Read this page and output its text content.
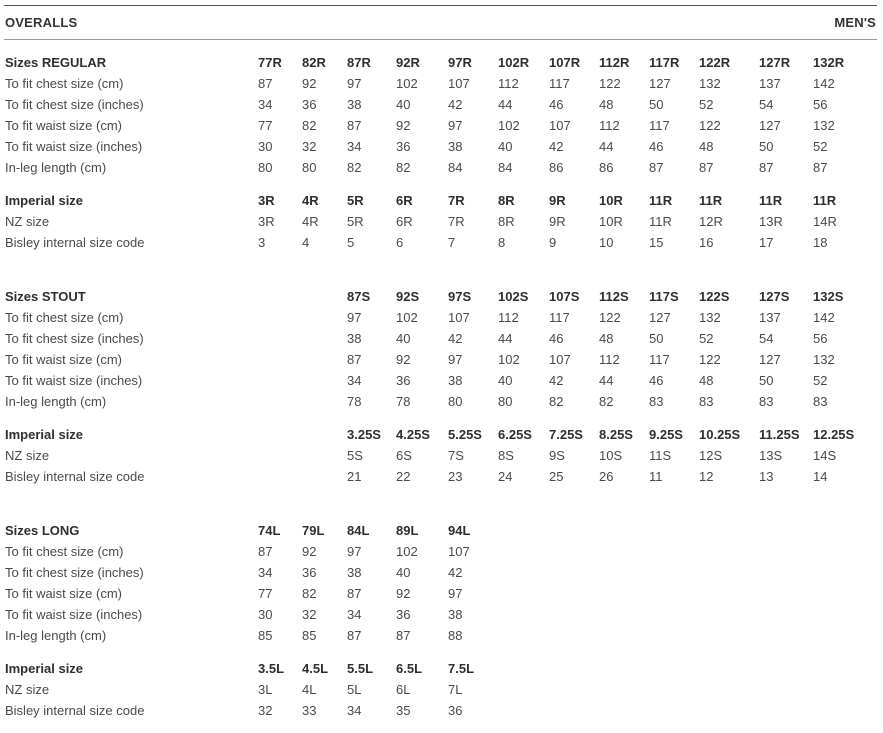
OVERALLS	MEN'S
Sizes REGULAR	77R 82R 87R 92R 97R 102R 107R 112R 117R 122R 127R 132R
To fit chest size (cm)	87 92 97	102 107 112 117 122 127 132	137 142
To fit chest size (inches)	34 36 38	40	42	44	46	48	50	52	54	56
To fit waist size (cm)	77 82 87	92	97	102 107 112 117 122	127 132
To fit waist size (inches)	30 32 34	36	38	40	42	44	46	48	50	52
In-leg length (cm)	80 80 82	82	84	84	86	86	87	87	87	87
Imperial size	3R 4R 5R 6R	7R	8R	9R	10R 11R 11R	11R 11R
NZ size	3R 4R 5R 6R	7R	8R	9R	10R 11R 12R	13R 14R
Bisley internal size code	3	4	5	6	7	8	9	10	15	16	17	18
Sizes STOUT	87S 92S 97S 102S 107S 112S 117S 122S 127S 132S
To fit chest size (cm)	97	102 107 112 117 122 127 132	137 142
To fit chest size (inches)	38	40	42	44	46	48	50	52	54	56
To fit waist size (cm)	87	92	97	102 107 112 117 122	127 132
To fit waist size (inches)	34	36	38	40	42	44	46	48	50	52
In-leg length (cm)	78	78	80	80	82	82	83	83	83	83
Imperial size	3.25S 4.25S 5.25S 6.25S 7.25S 8.25S 9.25S 10.25S 11.25S 12.25S
NZ size	5S	6S	7S	8S	9S	10S 11S 12S	13S 14S
Bisley internal size code	21	22	23	24	25	26	11	12	13	14
Sizes LONG	74L 79L 84L 89L 94L
To fit chest size (cm)	87 92 97	102 107
To fit chest size (inches)	34 36 38	40	42
To fit waist size (cm)	77 82 87	92	97
To fit waist size (inches)	30 32 34	36	38
In-leg length (cm)	85 85 87	87	88
Imperial size	3.5L 4.5L 5.5L 6.5L 7.5L
NZ size	3L 4L 5L	6L	7L
Bisley internal size code	32 33 34	35	36
